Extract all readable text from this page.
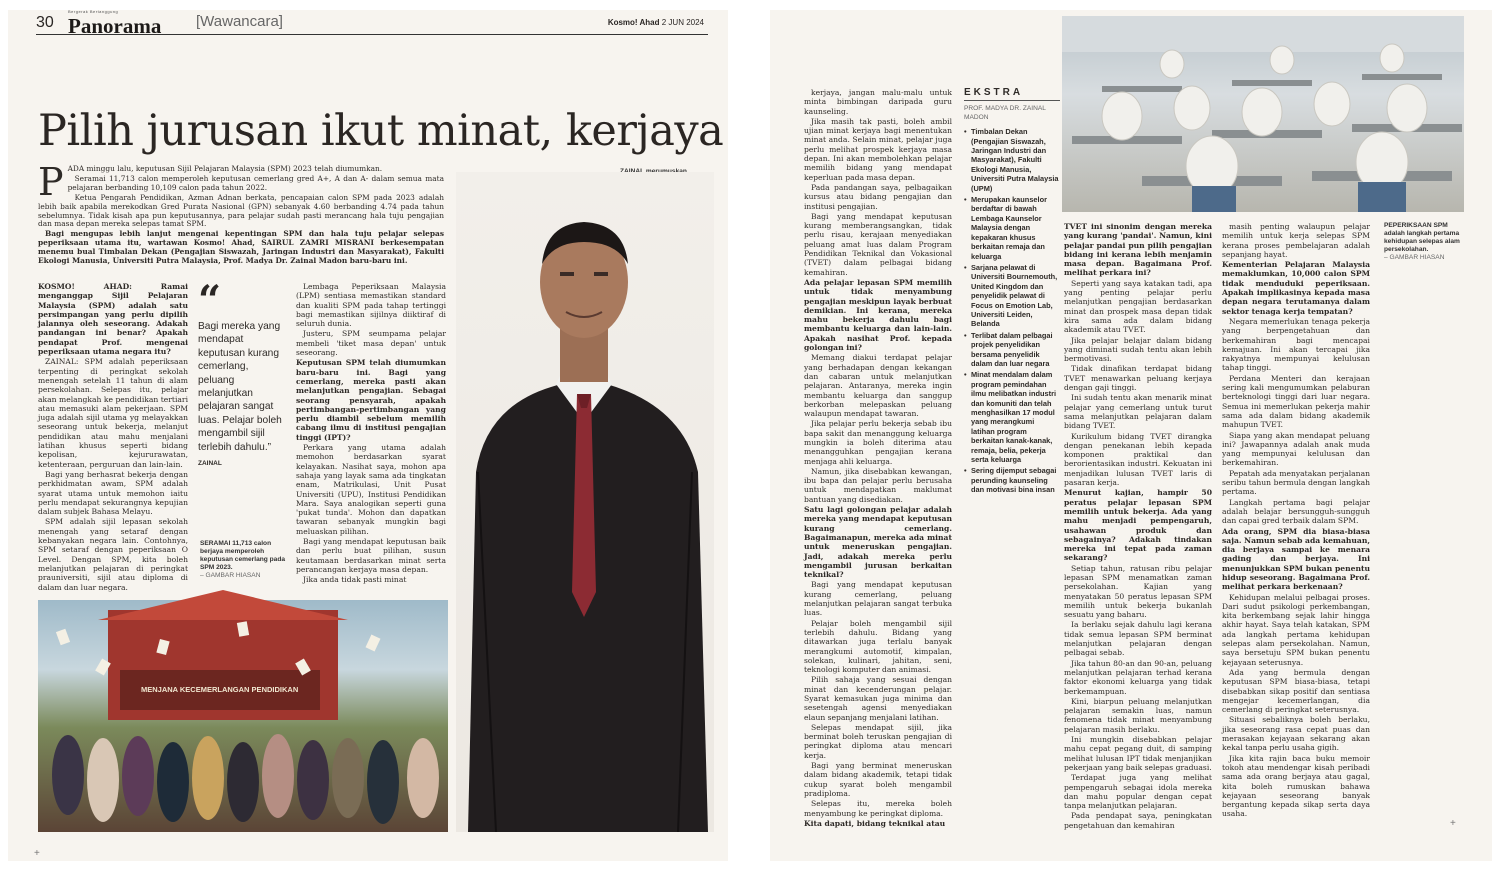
30
Bergerak Bertanggung
Panorama [Wawancara]	Kosmo! Ahad 2 JUN 2024
Pilih jurusan ikut minat, kerjaya
P ADA minggu lalu, keputusan Sijil Pelajaran Malaysia (SPM) 2023 telah diumumkan.

Seramai 11,713 calon memperoleh keputusan cemerlang gred A+, A dan A- dalam semua mata pelajaran berbanding 10,109 calon pada tahun 2022.

Ketua Pengarah Pendidikan, Azman Adnan berkata, pencapaian calon SPM pada 2023 adalah lebih baik apabila merekodkan Gred Purata Nasional (GPN) sebanyak 4.60 berbanding 4.74 pada tahun sebelumnya. Tidak kisah apa pun keputusannya, para pelajar sudah pasti merancang hala tuju pengajian dan masa depan mereka selepas tamat SPM.

Bagi mengupas lebih lanjut mengenai kepentingan SPM dan hala tuju pelajar selepas peperiksaan utama itu, wartawan Kosmo! Ahad, SAIRUL ZAMRI MISRANI berkesempatan menemu bual Timbalan Dekan (Pengajian Siswazah, Jaringan Industri dan Masyarakat), Fakulti Ekologi Manusia, Universiti Putra Malaysia, Prof. Madya Dr. Zainal Madon baru-baru ini.

KOSMO! AHAD: Ramai menganggap Sijil Pelajaran Malaysia (SPM) adalah satu persimpangan yang perlu dipilih jalannya oleh seseorang. Adakah pandangan ini benar? Apakah pendapat Prof. mengenai peperiksaan utama negara itu?

ZAINAL: SPM adalah peperiksaan terpenting di peringkat sekolah menengah setelah 11 tahun di alam persekolahan. Selepas itu, pelajar akan melangkah ke pendidikan tertiari atau memasuki alam pekerjaan. SPM juga adalah sijil utama yg melayakkan seseorang untuk bekerja, melanjut pendidikan atau mahu menjalani latihan khusus seperti bidang kepolisan, kejururawatan, ketenteraan, perguruan dan lain-lain.

Bagi yang berhasrat bekerja dengan perkhidmatan awam, SPM adalah syarat utama untuk memohon iaitu perlu mendapat sekurangnya kepujian dalam subjek Bahasa Melayu.

SPM adalah sijil lepasan sekolah menengah yang setaraf dengan kebanyakan negara lain. Contohnya, SPM setaraf dengan peperiksaan O Level. Dengan SPM, kita boleh melanjutkan pelajaran di peringkat prauniversiti, sijil atau diploma di dalam dan luar negara.

“
Bagi mereka yang mendapat keputusan kurang cemerlang, peluang melanjutkan pelajaran sangat luas. Pelajar boleh mengambil sijil terlebih dahulu.”
ZAINAL

Lembaga Peperiksaan Malaysia (LPM) sentiasa memastikan standard dan kualiti SPM pada tahap tertinggi bagi memastikan sijilnya diiktiraf di seluruh dunia.

Justeru, SPM seumpama pelajar membeli 'tiket masa depan' untuk seseorang.

Keputusan SPM telah diumumkan baru-baru ini. Bagi yang cemerlang, mereka pasti akan melanjutkan pengajian. Sebagai seorang pensyarah, apakah pertimbangan-pertimbangan yang perlu diambil sebelum memilih cabang ilmu di institusi pengajian tinggi (IPT)?

Perkara yang utama adalah memohon berdasarkan syarat kelayakan. Nasihat saya, mohon apa sahaja yang layak sama ada tingkatan enam, Matrikulasi, Unit Pusat Universiti (UPU), Institusi Pendidikan Mara. Saya analogikan seperti guna 'pukat tunda'. Mohon dan dapatkan tawaran sebanyak mungkin bagi meluaskan pilihan.

Bagi yang mendapat keputusan baik dan perlu buat pilihan, susun keutamaan berdasarkan minat serta perancangan kerjaya masa depan.

Jika anda tidak pasti minat

SERAMAI 11,713 calon berjaya memperoleh keputusan cemerlang pada SPM 2023.
– GAMBAR HIASAN
MENJANA KECEMERLANGAN PENDIDIKAN
+

kerjaya, jangan malu-malu untuk minta bimbingan daripada guru kaunseling.

Jika masih tak pasti, boleh ambil ujian minat kerjaya bagi menentukan minat anda. Selain minat, pelajar juga perlu melihat prospek kerjaya masa depan. Ini akan membolehkan pelajar memilih bidang yang mendapat keperluan pada masa depan.

Pada pandangan saya, pelbagaikan kursus atau bidang pengajian dan institusi pengajian.

Bagi yang mendapat keputusan kurang memberangsangkan, tidak perlu risau, kerajaan menyediakan peluang amat luas dalam Program Pendidikan Teknikal dan Vokasional (TVET) dalam pelbagai bidang kemahiran.

Ada pelajar lepasan SPM memilih untuk tidak menyambung pengajian meskipun layak berbuat demikian. Ini kerana, mereka mahu bekerja dahulu bagi membantu keluarga dan lain-lain. Apakah nasihat Prof. kepada golongan ini?

Memang diakui terdapat pelajar yang berhadapan dengan kekangan dan cabaran untuk melanjutkan pelajaran. Antaranya, mereka ingin membantu keluarga dan sanggup berkorban melepaskan peluang walaupun mendapat tawaran.

Jika pelajar perlu bekerja sebab ibu bapa sakit dan menanggung keluarga mungkin ia boleh diterima atau menangguhkan pengajian kerana menjaga ahli keluarga.

Namun, jika disebabkan kewangan, ibu bapa dan pelajar perlu berusaha untuk mendapatkan maklumat bantuan yang disediakan.

Satu lagi golongan pelajar adalah mereka yang mendapat keputusan kurang cemerlang. Bagaimanapun, mereka ada minat untuk meneruskan pengajian. Jadi, adakah mereka perlu mengambil jurusan berkaitan teknikal?

Bagi yang mendapat keputusan kurang cemerlang, peluang melanjutkan pelajaran sangat terbuka luas.

Pelajar boleh mengambil sijil terlebih dahulu. Bidang yang ditawarkan juga terlalu banyak merangkumi automotif, kimpalan, solekan, kulinari, jahitan, seni, teknologi komputer dan animasi.

Pilih sahaja yang sesuai dengan minat dan kecenderungan pelajar. Syarat kemasukan juga minima dan sesetengah agensi menyediakan elaun sepanjang menjalani latihan.

Selepas mendapat sijil, jika berminat boleh teruskan pengajian di peringkat diploma atau mencari kerja.

Bagi yang berminat meneruskan dalam bidang akademik, tetapi tidak cukup syarat boleh mengambil pradiploma.

Selepas itu, mereka boleh menyambung ke peringkat diploma.

Kita dapati, bidang teknikal atau

EKSTRA
PROF. MADYA DR. ZAINAL MADON
• Timbalan Dekan (Pengajian Siswazah, Jaringan Industri dan Masyarakat), Fakulti Ekologi Manusia, Universiti Putra Malaysia (UPM)
• Merupakan kaunselor berdaftar di bawah Lembaga Kaunselor Malaysia dengan kepakaran khusus berkaitan remaja dan keluarga
• Sarjana pelawat di Universiti Bournemouth, United Kingdom dan penyelidik pelawat di Focus on Emotion Lab, Universiti Leiden, Belanda
• Terlibat dalam pelbagai projek penyelidikan bersama penyelidik dalam dan luar negara
• Minat mendalam dalam program pemindahan ilmu melibatkan industri dan komuniti dan telah menghasilkan 17 modul yang merangkumi latihan program berkaitan kanak-kanak, remaja, belia, pekerja serta keluarga
• Sering dijemput sebagai perunding kaunseling dan motivasi bina insan

TVET ini sinonim dengan mereka yang kurang 'pandai'. Namun, kini pelajar pandai pun pilih pengajian bidang ini kerana lebih menjamin masa depan. Bagaimana Prof. melihat perkara ini?

Seperti yang saya katakan tadi, apa yang penting pelajar perlu melanjutkan pengajian berdasarkan minat dan prospek masa depan tidak kira sama ada dalam bidang akademik atau TVET.

Jika pelajar belajar dalam bidang yang diminati sudah tentu akan lebih bermotivasi.

Tidak dinafikan terdapat bidang TVET menawarkan peluang kerjaya dengan gaji tinggi.

Ini sudah tentu akan menarik minat pelajar yang cemerlang untuk turut sama melanjutkan pelajaran dalam bidang TVET.

Kurikulum bidang TVET dirangka dengan penekanan lebih kepada komponen praktikal dan berorientasikan industri. Kekuatan ini menjadikan lulusan TVET laris di pasaran kerja.

Menurut kajian, hampir 50 peratus pelajar lepasan SPM memilih untuk bekerja. Ada yang mahu menjadi pempengaruh, usahawan produk dan sebagainya? Adakah tindakan mereka ini tepat pada zaman sekarang?

Setiap tahun, ratusan ribu pelajar lepasan SPM menamatkan zaman persekolahan. Kajian yang menyatakan 50 peratus lepasan SPM memilih untuk bekerja bukanlah sesuatu yang baharu.

Ia berlaku sejak dahulu lagi kerana tidak semua lepasan SPM berminat melanjutkan pelajaran dengan pelbagai sebab.

Jika tahun 80-an dan 90-an, peluang melanjutkan pelajaran terhad kerana faktor ekonomi keluarga yang tidak berkemampuan.

Kini, biarpun peluang melanjutkan pelajaran semakin luas, namun fenomena tidak minat menyambung pelajaran masih berlaku.

Ini mungkin disebabkan pelajar mahu cepat pegang duit, di samping melihat lulusan IPT tidak menjanjikan pekerjaan yang baik selepas graduasi.

Terdapat juga yang melihat pempengaruh sebagai idola mereka dan mahu popular dengan cepat tanpa melanjutkan pelajaran.

Pada pendapat saya, peningkatan pengetahuan dan kemahiran

masih penting walaupun pelajar memilih untuk kerja selepas SPM kerana proses pembelajaran adalah sepanjang hayat.

Kementerian Pelajaran Malaysia memaklumkan, 10,000 calon SPM tidak menduduki peperiksaan. Apakah implikasinya kepada masa depan negara terutamanya dalam sektor tenaga kerja tempatan?

Negara memerlukan tenaga pekerja yang berpengetahuan dan berkemahiran bagi mencapai kemajuan. Ini akan tercapai jika rakyatnya mempunyai kelulusan tahap tinggi.

Perdana Menteri dan kerajaan sering kali mengumumkan pelaburan berteknologi tinggi dari luar negara. Semua ini memerlukan pekerja mahir sama ada dalam bidang akademik mahupun TVET.

Siapa yang akan mendapat peluang ini? Jawapannya adalah anak muda yang mempunyai kelulusan dan berkemahiran.

Pepatah ada menyatakan perjalanan seribu tahun bermula dengan langkah pertama.

Langkah pertama bagi pelajar adalah belajar bersungguh-sungguh dan capai gred terbaik dalam SPM.

Ada orang, SPM dia biasa-biasa saja. Namun sebab ada kemahuan, dia berjaya sampai ke menara gading dan berjaya. Ini menunjukkan SPM bukan penentu hidup seseorang. Bagaimana Prof. melihat perkara berkenaan?

Kehidupan melalui pelbagai proses. Dari sudut psikologi perkembangan, kita berkembang sejak lahir hingga akhir hayat. Saya telah katakan, SPM ada langkah pertama kehidupan selepas alam persekolahan. Namun, saya bersetuju SPM bukan penentu kejayaan seterusnya.

Ada yang bermula dengan keputusan SPM biasa-biasa, tetapi disebabkan sikap positif dan sentiasa mengejar kecemerlangan, dia cemerlang di peringkat seterusnya.

Situasi sebaliknya boleh berlaku, jika seseorang rasa cepat puas dan merasakan kejayaan sekarang akan kekal tanpa perlu usaha gigih.

Jika kita rajin baca buku memoir tokoh atau mendengar kisah peribadi sama ada orang berjaya atau gagal, kita boleh rumuskan bahawa kejayaan seseorang banyak bergantung kepada sikap serta daya usaha.

PEPERIKSAAN SPM adalah langkah pertama kehidupan selepas alam persekolahan.
– GAMBAR HIASAN
+
